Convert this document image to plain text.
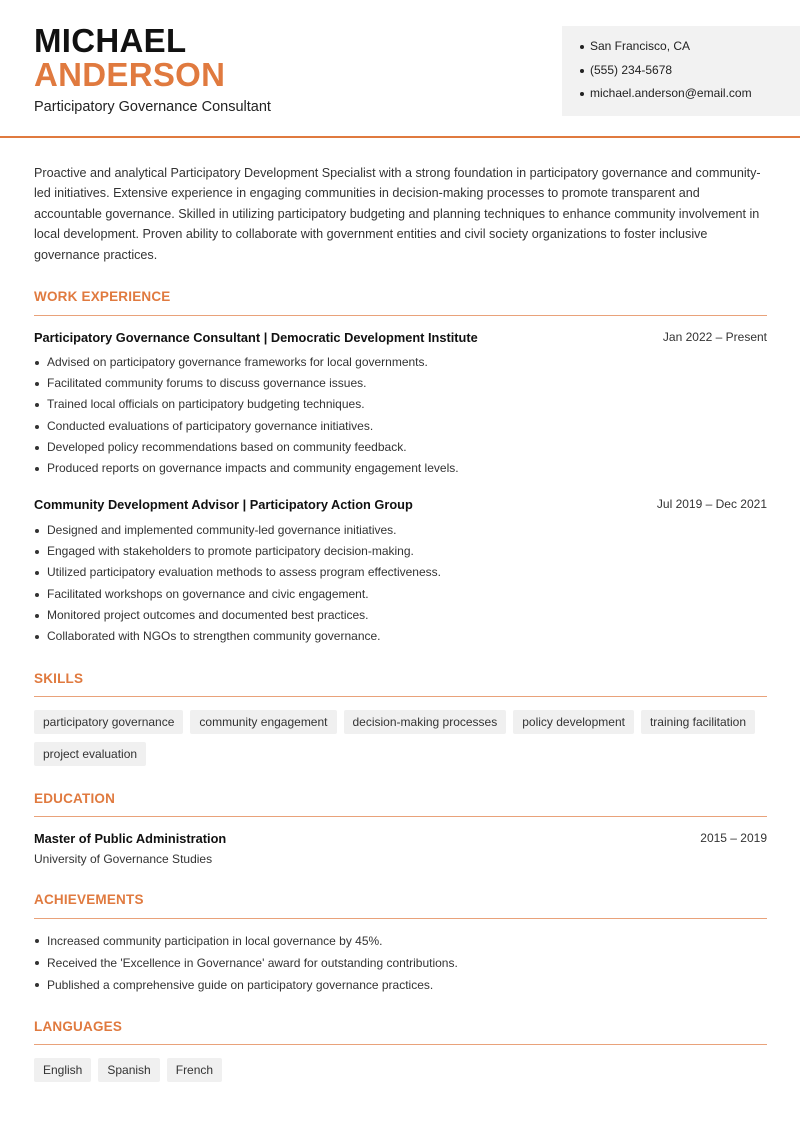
MICHAEL
ANDERSON
Participatory Governance Consultant
San Francisco, CA
(555) 234-5678
michael.anderson@email.com

Proactive and analytical Participatory Development Specialist with a strong foundation in participatory governance and community-led initiatives. Extensive experience in engaging communities in decision-making processes to promote transparent and accountable governance. Skilled in utilizing participatory budgeting and planning techniques to enhance community involvement in local development. Proven ability to collaborate with government entities and civil society organizations to foster inclusive governance practices.

WORK EXPERIENCE
Participatory Governance Consultant | Democratic Development Institute	Jan 2022 – Present
Advised on participatory governance frameworks for local governments.
Facilitated community forums to discuss governance issues.
Trained local officials on participatory budgeting techniques.
Conducted evaluations of participatory governance initiatives.
Developed policy recommendations based on community feedback.
Produced reports on governance impacts and community engagement levels.
Community Development Advisor | Participatory Action Group	Jul 2019 – Dec 2021
Designed and implemented community-led governance initiatives.
Engaged with stakeholders to promote participatory decision-making.
Utilized participatory evaluation methods to assess program effectiveness.
Facilitated workshops on governance and civic engagement.
Monitored project outcomes and documented best practices.
Collaborated with NGOs to strengthen community governance.
SKILLS
participatory governance	community engagement	decision-making processes	policy development	training facilitation
project evaluation
EDUCATION
Master of Public Administration	2015 – 2019
University of Governance Studies
ACHIEVEMENTS
Increased community participation in local governance by 45%.
Received the 'Excellence in Governance' award for outstanding contributions.
Published a comprehensive guide on participatory governance practices.
LANGUAGES
English	Spanish	French
